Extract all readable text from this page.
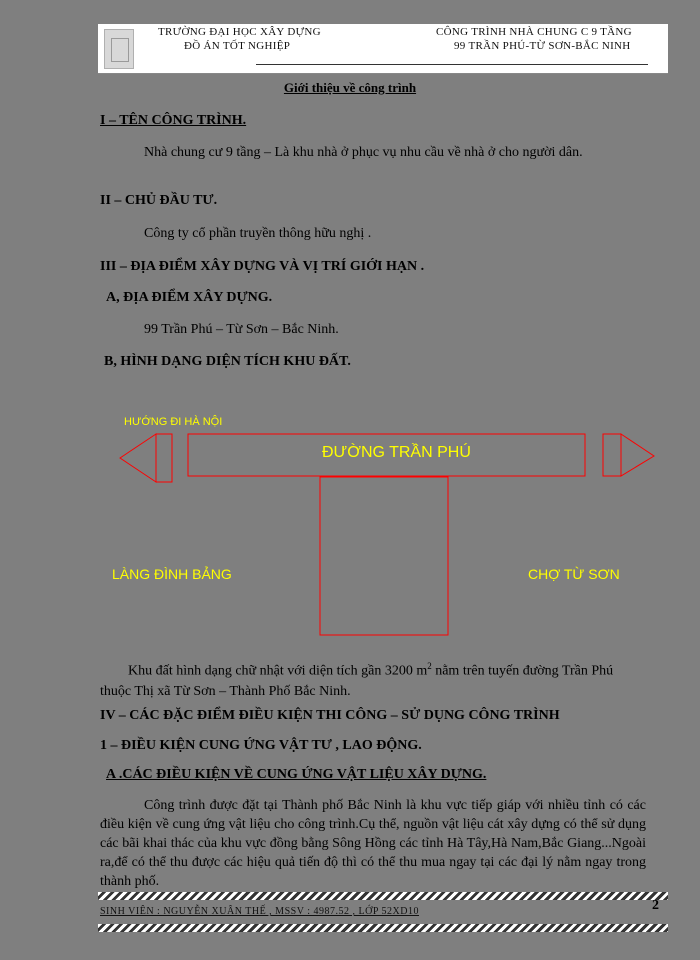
TRƯỜNG ĐẠI HỌC XÂY DỰNG
ĐỒ ÁN TỐT NGHIỆP
CÔNG TRÌNH NHÀ CHUNG C 9 TẦNG
99 TRẦN PHÚ-TỪ SƠN-BẮC NINH
Giới thiệu về công trình
I – TÊN CÔNG TRÌNH.
Nhà chung cư 9 tầng – Là khu nhà ở phục vụ nhu cầu về nhà ở cho người dân.
II – CHỦ ĐẦU TƯ.
Công ty cổ phần truyền thông hữu nghị .
III – ĐỊA ĐIỂM XÂY DỰNG VÀ VỊ TRÍ GIỚI HẠN .
A, ĐỊA ĐIỂM XÂY DỰNG.
99 Trần Phú – Từ Sơn – Bắc Ninh.
B, HÌNH DẠNG DIỆN TÍCH KHU ĐẤT.
HƯỚNG ĐI HÀ NỘI
ĐƯỜNG TRẦN PHÚ
LÀNG ĐÌNH BẢNG	CHỢ TỪ SƠN
Khu đất hình dạng chữ nhật với diện tích gần 3200 $m^2$ nằm trên tuyến đường Trần Phú thuộc Thị xã Từ Sơn – Thành Phố Bắc Ninh.
IV – CÁC ĐẶC ĐIỂM ĐIỀU KIỆN THI CÔNG – SỬ DỤNG CÔNG TRÌNH
1 – ĐIỀU KIỆN CUNG ỨNG VẬT TƯ , LAO ĐỘNG.
A .CÁC ĐIỀU KIỆN VỀ CUNG ỨNG VẬT LIỆU XÂY DỰNG.
Công trình được đặt tại Thành phố Bắc Ninh là khu vực tiếp giáp với nhiều tỉnh có các điều kiện về cung ứng vật liệu cho công trình.Cụ thể, nguồn vật liệu cát xây dựng có thể sử dụng các bãi khai thác của khu vực đồng bằng Sông Hồng các tỉnh Hà Tây,Hà Nam,Bắc Giang...Ngoài ra,để có thể thu được các hiệu quả tiến độ thì có thể thu mua ngay tại các đại lý nằm ngay trong thành phố.
SINH VIÊN : NGUYỄN XUÂN THẾ , MSSV : 4987.52 , LỚP 52XD10	2
